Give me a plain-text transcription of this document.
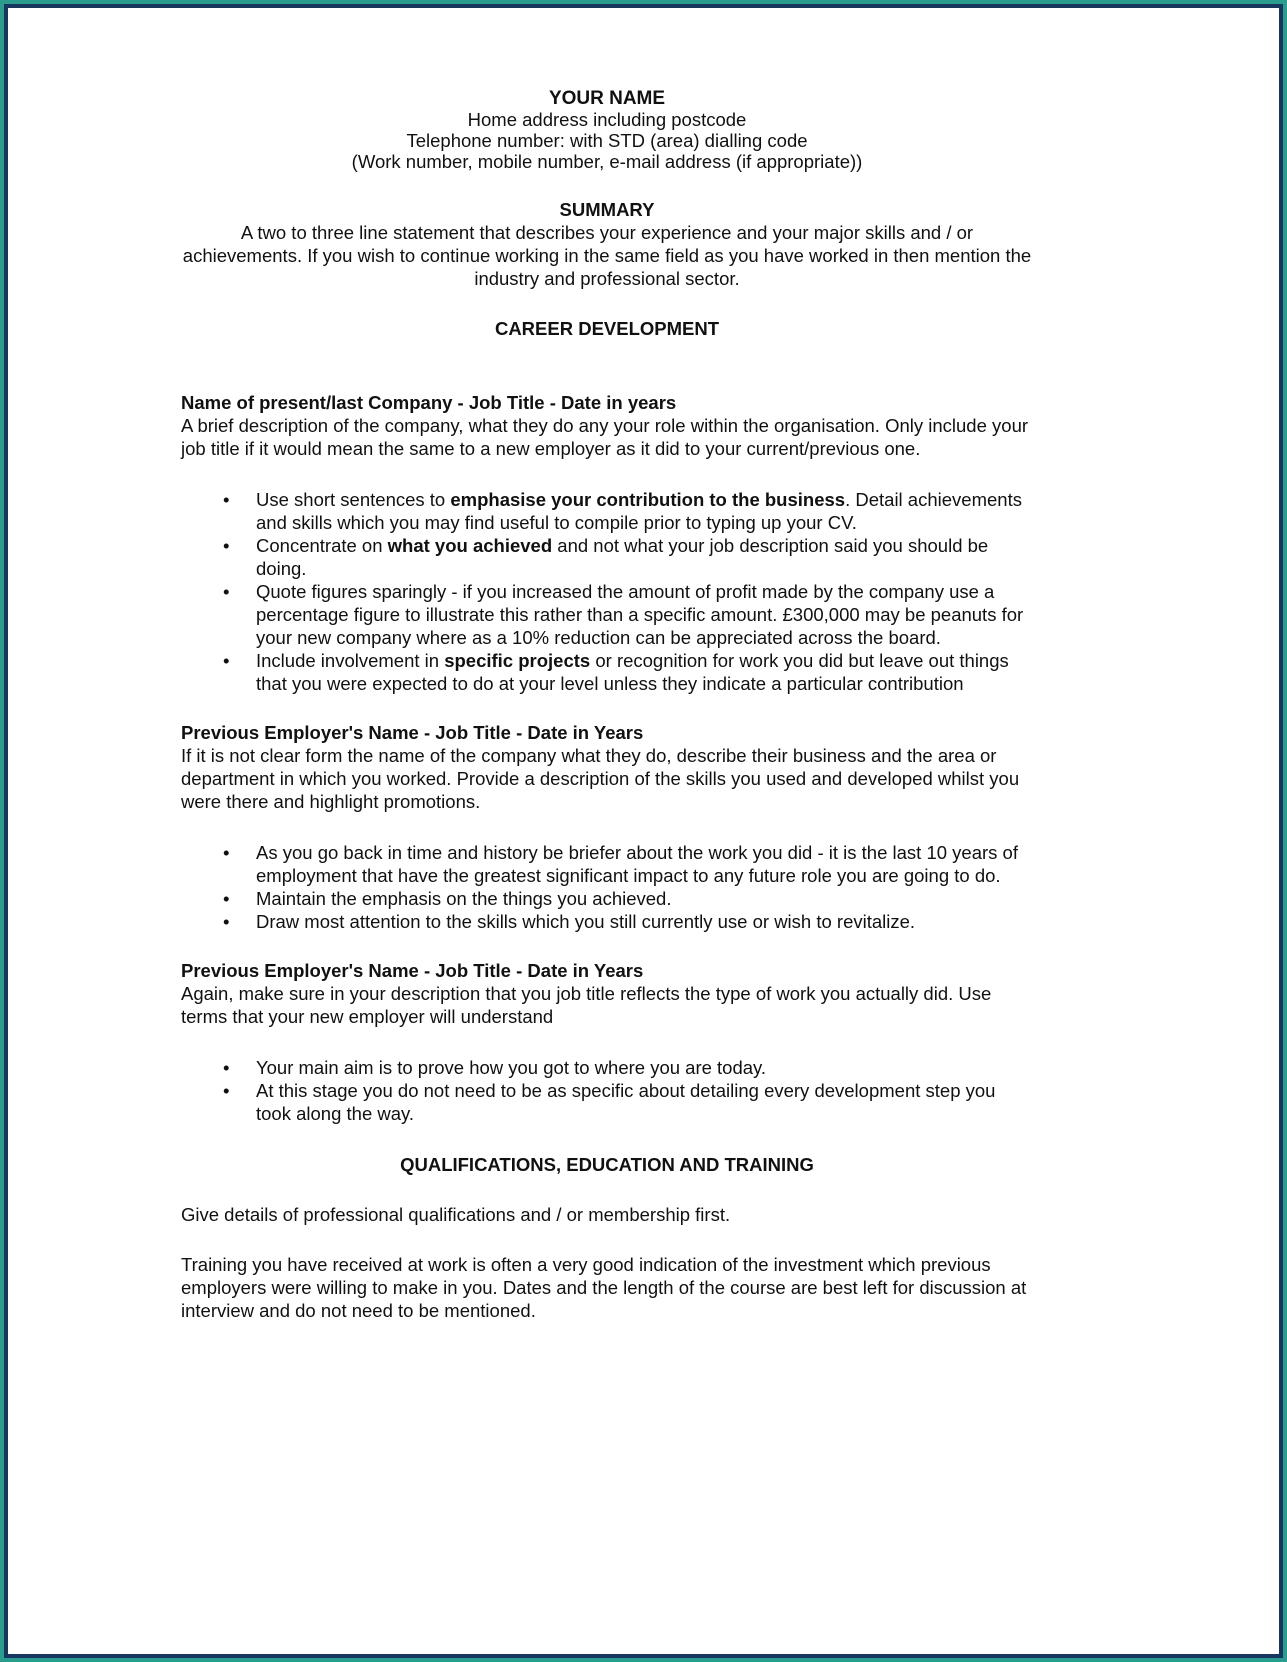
YOUR NAME

Home address including postcode

Telephone number: with STD (area) dialling code

(Work number, mobile number, e-mail address (if appropriate))

SUMMARY

A two to three line statement that describes your experience and your major skills and / or achievements. If you wish to continue working in the same field as you have worked in then mention the industry and professional sector.

CAREER DEVELOPMENT

Name of present/last Company - Job Title - Date in years

A brief description of the company, what they do any your role within the organisation. Only include your job title if it would mean the same to a new employer as it did to your current/previous one.

• Use short sentences to emphasise your contribution to the business. Detail achievements and skills which you may find useful to compile prior to typing up your CV.
• Concentrate on what you achieved and not what your job description said you should be doing.
• Quote figures sparingly - if you increased the amount of profit made by the company use a percentage figure to illustrate this rather than a specific amount. £300,000 may be peanuts for your new company where as a 10% reduction can be appreciated across the board.
• Include involvement in specific projects or recognition for work you did but leave out things that you were expected to do at your level unless they indicate a particular contribution

Previous Employer's Name - Job Title - Date in Years

If it is not clear form the name of the company what they do, describe their business and the area or department in which you worked. Provide a description of the skills you used and developed whilst you were there and highlight promotions.

• As you go back in time and history be briefer about the work you did - it is the last 10 years of employment that have the greatest significant impact to any future role you are going to do.
• Maintain the emphasis on the things you achieved.
• Draw most attention to the skills which you still currently use or wish to revitalize.

Previous Employer's Name - Job Title - Date in Years

Again, make sure in your description that you job title reflects the type of work you actually did. Use terms that your new employer will understand

• Your main aim is to prove how you got to where you are today.
• At this stage you do not need to be as specific about detailing every development step you took along the way.

QUALIFICATIONS, EDUCATION AND TRAINING

Give details of professional qualifications and / or membership first.

Training you have received at work is often a very good indication of the investment which previous employers were willing to make in you. Dates and the length of the course are best left for discussion at interview and do not need to be mentioned.
